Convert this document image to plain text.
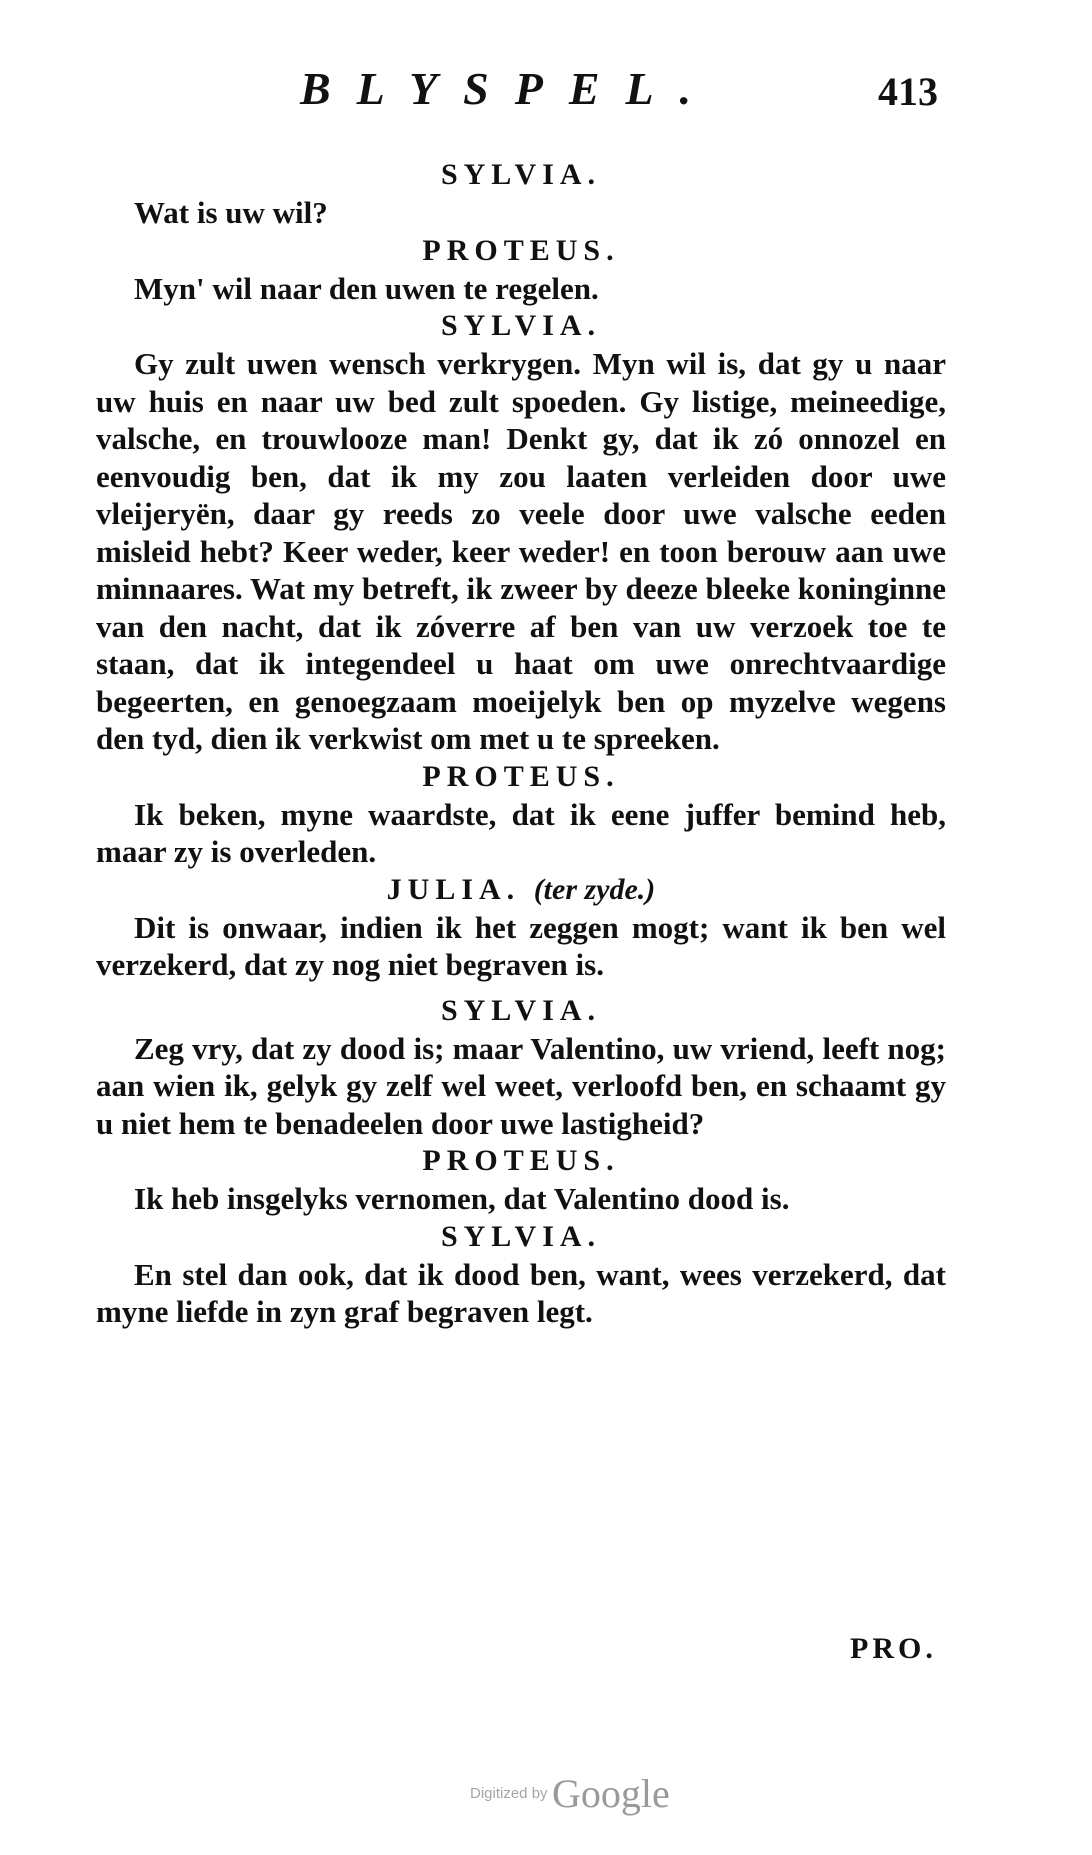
BLYSPEL.	413
SYLVIA.
Wat is uw wil?
PROTEUS.
Myn' wil naar den uwen te regelen.
SYLVIA.
Gy zult uwen wensch verkrygen. Myn wil is, dat gy u naar uw huis en naar uw bed zult spoeden. Gy listige, meineedige, valsche, en trouwlooze man! Denkt gy, dat ik zó onnozel en eenvoudig ben, dat ik my zou laaten verleiden door uwe vleijeryën, daar gy reeds zo veele door uwe valsche eeden misleid hebt? Keer weder, keer weder! en toon berouw aan uwe minnaares. Wat my betreft, ik zweer by deeze bleeke koninginne van den nacht, dat ik zóverre af ben van uw verzoek toe te staan, dat ik integendeel u haat om uwe onrechtvaardige begeerten, en genoegzaam moeijelyk ben op myzelve wegens den tyd, dien ik verkwist om met u te spreeken.
PROTEUS.
Ik beken, myne waardste, dat ik eene juffer bemind heb, maar zy is overleden.
JULIA. (ter zyde.)
Dit is onwaar, indien ik het zeggen mogt; want ik ben wel verzekerd, dat zy nog niet begraven is.
SYLVIA.
Zeg vry, dat zy dood is; maar Valentino, uw vriend, leeft nog; aan wien ik, gelyk gy zelf wel weet, verloofd ben, en schaamt gy u niet hem te benadeelen door uwe lastigheid?
PROTEUS.
Ik heb insgelyks vernomen, dat Valentino dood is.
SYLVIA.
En stel dan ook, dat ik dood ben, want, wees verzekerd, dat myne liefde in zyn graf begraven legt.
PRO.
Digitized by Google
